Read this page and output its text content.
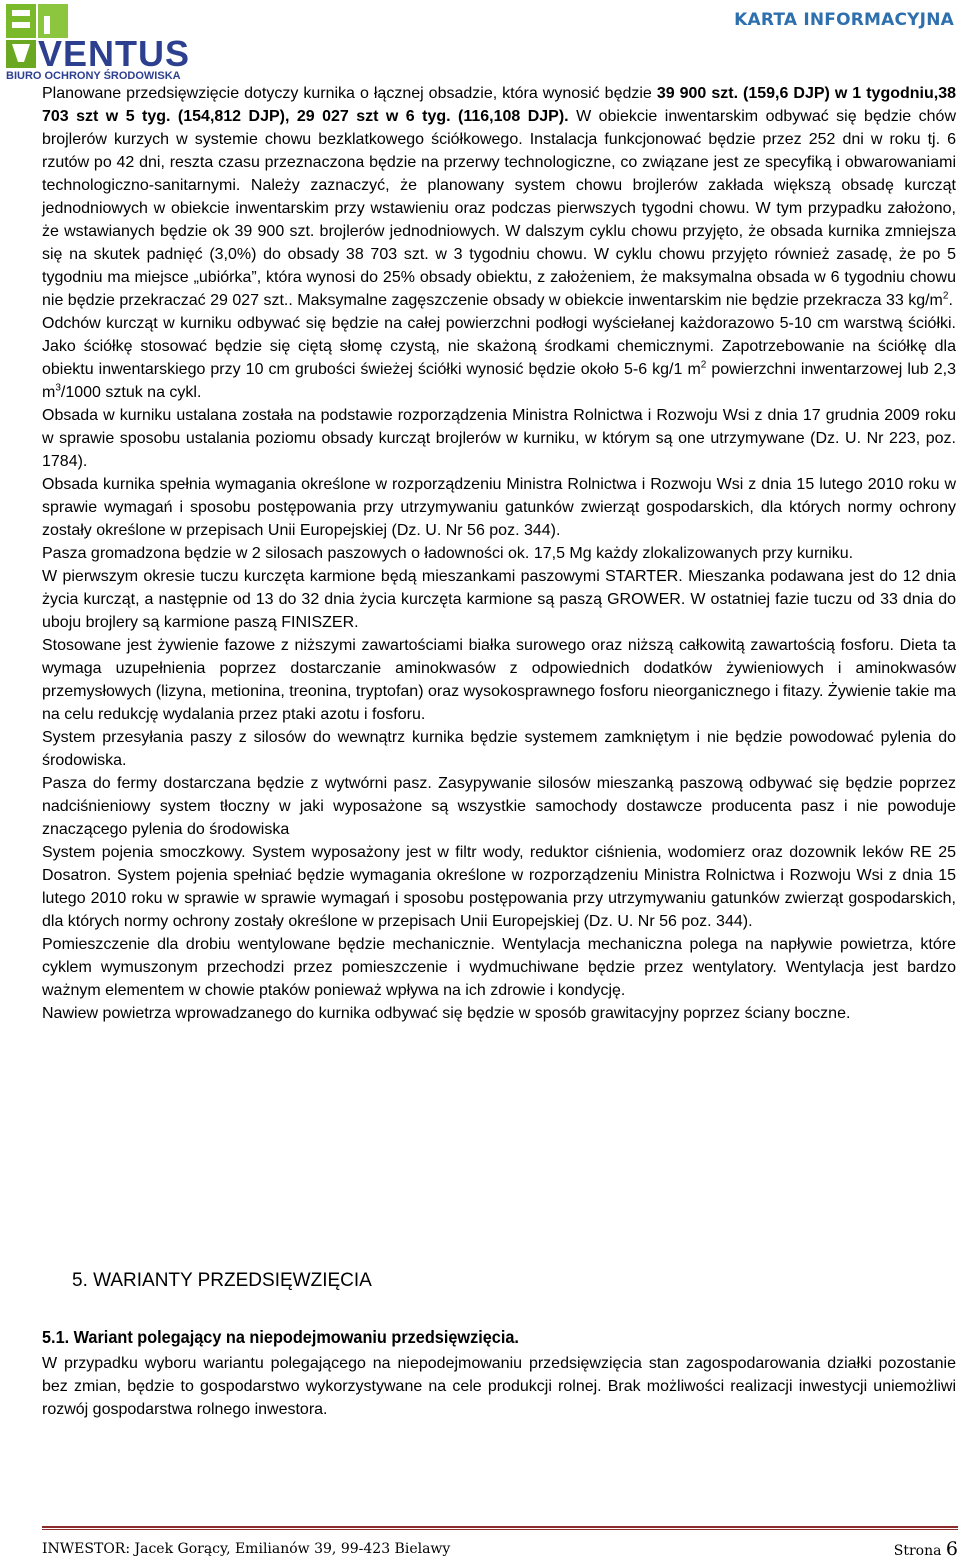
VENTUS
BIURO OCHRONY ŚRODOWISKA
KARTA INFORMACYJNA

Planowane przedsięwzięcie dotyczy kurnika o łącznej obsadzie, która wynosić będzie 39 900 szt. (159,6 DJP) w 1 tygodniu,38 703 szt w 5 tyg. (154,812 DJP), 29 027 szt w 6 tyg. (116,108 DJP). W obiekcie inwentarskim odbywać się będzie chów brojlerów kurzych w systemie chowu bezklatkowego ściółkowego. Instalacja funkcjonować będzie przez 252 dni w roku tj. 6 rzutów po 42 dni, reszta czasu przeznaczona będzie na przerwy technologiczne, co związane jest ze specyfiką i obwarowaniami technologiczno-sanitarnymi. Należy zaznaczyć, że planowany system chowu brojlerów zakłada większą obsadę kurcząt jednodniowych w obiekcie inwentarskim przy wstawieniu oraz podczas pierwszych tygodni chowu. W tym przypadku założono, że wstawianych będzie ok 39 900 szt. brojlerów jednodniowych. W dalszym cyklu chowu przyjęto, że obsada kurnika zmniejsza się na skutek padnięć (3,0%) do obsady 38 703 szt. w 3 tygodniu chowu. W cyklu chowu przyjęto również zasadę, że po 5 tygodniu ma miejsce „ubiórka”, która wynosi do 25% obsady obiektu, z założeniem, że maksymalna obsada w 6 tygodniu chowu nie będzie przekraczać 29 027 szt.. Maksymalne zagęszczenie obsady w obiekcie inwentarskim nie będzie przekracza 33 $kg/m^2$.

Odchów kurcząt w kurniku odbywać się będzie na całej powierzchni podłogi wyściełanej każdorazowo 5-10 cm warstwą ściółki. Jako ściółkę stosować będzie się ciętą słomę czystą, nie skażoną środkami chemicznymi. Zapotrzebowanie na ściółkę dla obiektu inwentarskiego przy 10 cm grubości świeżej ściółki wynosić będzie około 5-6 kg/1 $m^2$ powierzchni inwentarzowej lub 2,3 $m^3/1000$ sztuk na cykl.

Obsada w kurniku ustalana została na podstawie rozporządzenia Ministra Rolnictwa i Rozwoju Wsi z dnia 17 grudnia 2009 roku w sprawie sposobu ustalania poziomu obsady kurcząt brojlerów w kurniku, w którym są one utrzymywane (Dz. U. Nr 223, poz. 1784).

Obsada kurnika spełnia wymagania określone w rozporządzeniu Ministra Rolnictwa i Rozwoju Wsi z dnia 15 lutego 2010 roku w sprawie wymagań i sposobu postępowania przy utrzymywaniu gatunków zwierząt gospodarskich, dla których normy ochrony zostały określone w przepisach Unii Europejskiej (Dz. U. Nr 56 poz. 344).

Pasza gromadzona będzie w 2 silosach paszowych o ładowności ok. 17,5 Mg każdy zlokalizowanych przy kurniku.

W pierwszym okresie tuczu kurczęta karmione będą mieszankami paszowymi STARTER. Mieszanka podawana jest do 12 dnia życia kurcząt, a następnie od 13 do 32 dnia życia kurczęta karmione są paszą GROWER. W ostatniej fazie tuczu od 33 dnia do uboju brojlery są karmione paszą FINISZER.

Stosowane jest żywienie fazowe z niższymi zawartościami białka surowego oraz niższą całkowitą zawartością fosforu. Dieta ta wymaga uzupełnienia poprzez dostarczanie aminokwasów z odpowiednich dodatków żywieniowych i aminokwasów przemysłowych (lizyna, metionina, treonina, tryptofan) oraz wysokosprawnego fosforu nieorganicznego i fitazy. Żywienie takie ma na celu redukcję wydalania przez ptaki azotu i fosforu.

System przesyłania paszy z silosów do wewnątrz kurnika będzie systemem zamkniętym i nie będzie powodować pylenia do środowiska.

Pasza do fermy dostarczana będzie z wytwórni pasz. Zasypywanie silosów mieszanką paszową odbywać się będzie poprzez nadciśnieniowy system tłoczny w jaki wyposażone są wszystkie samochody dostawcze producenta pasz i nie powoduje znaczącego pylenia do środowiska

System pojenia smoczkowy. System wyposażony jest w filtr wody, reduktor ciśnienia, wodomierz oraz dozownik leków RE 25 Dosatron. System pojenia spełniać będzie wymagania określone w rozporządzeniu Ministra Rolnictwa i Rozwoju Wsi z dnia 15 lutego 2010 roku w sprawie w sprawie wymagań i sposobu postępowania przy utrzymywaniu gatunków zwierząt gospodarskich, dla których normy ochrony zostały określone w przepisach Unii Europejskiej (Dz. U. Nr 56 poz. 344).

Pomieszczenie dla drobiu wentylowane będzie mechanicznie. Wentylacja mechaniczna polega na napływie powietrza, które cyklem wymuszonym przechodzi przez pomieszczenie i wydmuchiwane będzie przez wentylatory. Wentylacja jest bardzo ważnym elementem w chowie ptaków ponieważ wpływa na ich zdrowie i kondycję.

Nawiew powietrza wprowadzanego do kurnika odbywać się będzie w sposób grawitacyjny poprzez ściany boczne.

5. WARIANTY PRZEDSIĘWZIĘCIA
5.1. Wariant polegający na niepodejmowaniu przedsięwzięcia.

W przypadku wyboru wariantu polegającego na niepodejmowaniu przedsięwzięcia stan zagospodarowania działki pozostanie bez zmian, będzie to gospodarstwo wykorzystywane na cele produkcji rolnej. Brak możliwości realizacji inwestycji uniemożliwi rozwój gospodarstwa rolnego inwestora.

INWESTOR: Jacek Gorący, Emilianów 39, 99-423 Bielawy	Strona 6
